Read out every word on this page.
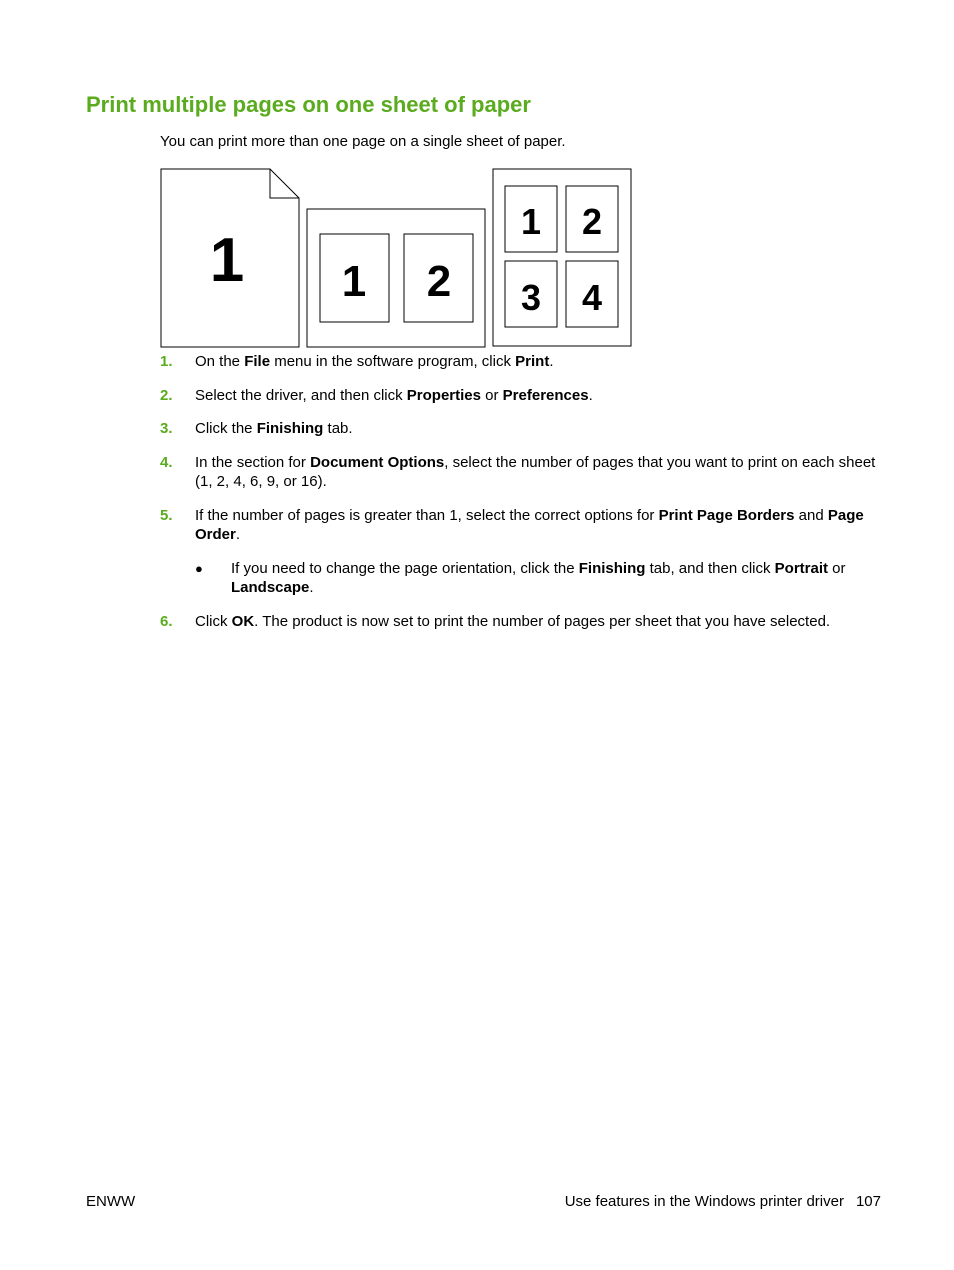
Print multiple pages on one sheet of paper
You can print more than one page on a single sheet of paper.
1 1 2
1 2
3 4
1. On the File menu in the software program, click Print.
2. Select the driver, and then click Properties or Preferences.
3. Click the Finishing tab.
4. In the section for Document Options, select the number of pages that you want to print on each sheet (1, 2, 4, 6, 9, or 16).
5. If the number of pages is greater than 1, select the correct options for Print Page Borders and Page Order.
● If you need to change the page orientation, click the Finishing tab, and then click Portrait or Landscape.
6. Click OK. The product is now set to print the number of pages per sheet that you have selected.
ENWW	Use features in the Windows printer driver 107
